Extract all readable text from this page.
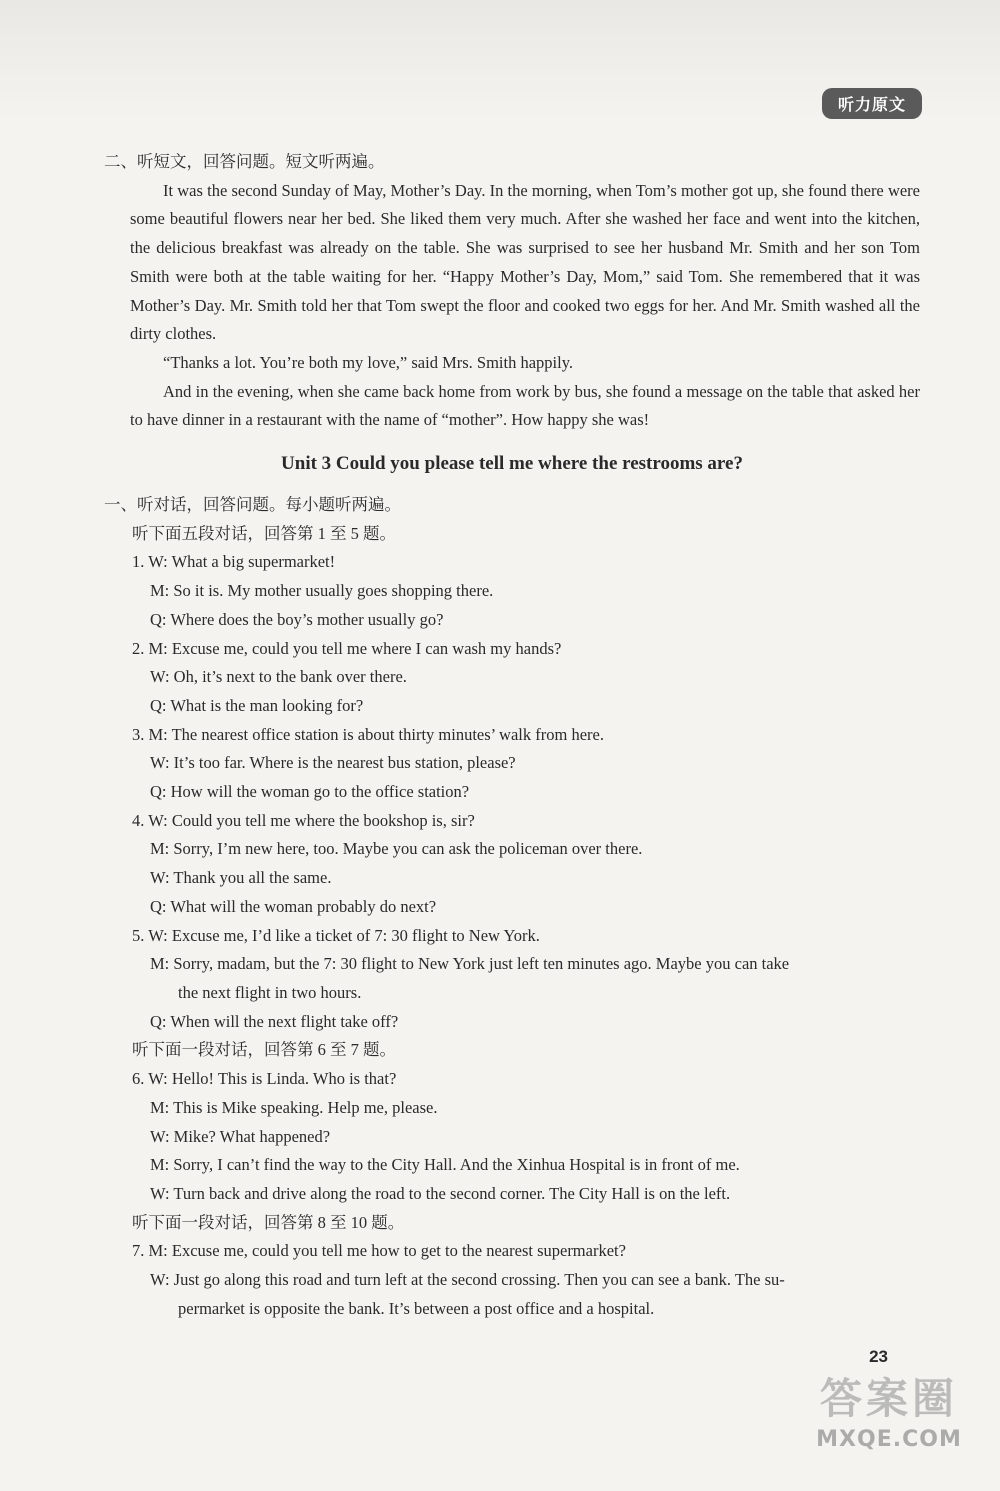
听力原文

二、听短文，回答问题。短文听两遍。

It was the second Sunday of May, Mother’s Day. In the morning, when Tom’s mother got up, she found there were some beautiful flowers near her bed. She liked them very much. After she washed her face and went into the kitchen, the delicious breakfast was already on the table. She was surprised to see her husband Mr. Smith and her son Tom Smith were both at the table waiting for her. “Happy Mother’s Day, Mom,” said Tom. She remembered that it was Mother’s Day. Mr. Smith told her that Tom swept the floor and cooked two eggs for her. And Mr. Smith washed all the dirty clothes.

“Thanks a lot. You’re both my love,” said Mrs. Smith happily.

And in the evening, when she came back home from work by bus, she found a message on the table that asked her to have dinner in a restaurant with the name of “mother”. How happy she was!

Unit 3 Could you please tell me where the restrooms are?

一、听对话，回答问题。每小题听两遍。

听下面五段对话，回答第 1 至 5 题。

1. W: What a big supermarket!

M: So it is. My mother usually goes shopping there.

Q: Where does the boy’s mother usually go?

2. M: Excuse me, could you tell me where I can wash my hands?

W: Oh, it’s next to the bank over there.

Q: What is the man looking for?

3. M: The nearest office station is about thirty minutes’ walk from here.

W: It’s too far. Where is the nearest bus station, please?

Q: How will the woman go to the office station?

4. W: Could you tell me where the bookshop is, sir?

M: Sorry, I’m new here, too. Maybe you can ask the policeman over there.

W: Thank you all the same.

Q: What will the woman probably do next?

5. W: Excuse me, I’d like a ticket of 7: 30 flight to New York.

M: Sorry, madam, but the 7: 30 flight to New York just left ten minutes ago. Maybe you can take

the next flight in two hours.

Q: When will the next flight take off?

听下面一段对话，回答第 6 至 7 题。

6. W: Hello! This is Linda. Who is that?

M: This is Mike speaking. Help me, please.

W: Mike? What happened?

M: Sorry, I can’t find the way to the City Hall. And the Xinhua Hospital is in front of me.

W: Turn back and drive along the road to the second corner. The City Hall is on the left.

听下面一段对话，回答第 8 至 10 题。

7. M: Excuse me, could you tell me how to get to the nearest supermarket?

W: Just go along this road and turn left at the second crossing. Then you can see a bank. The su-

permarket is opposite the bank. It’s between a post office and a hospital.

23
答案圈
MXQE.COM
